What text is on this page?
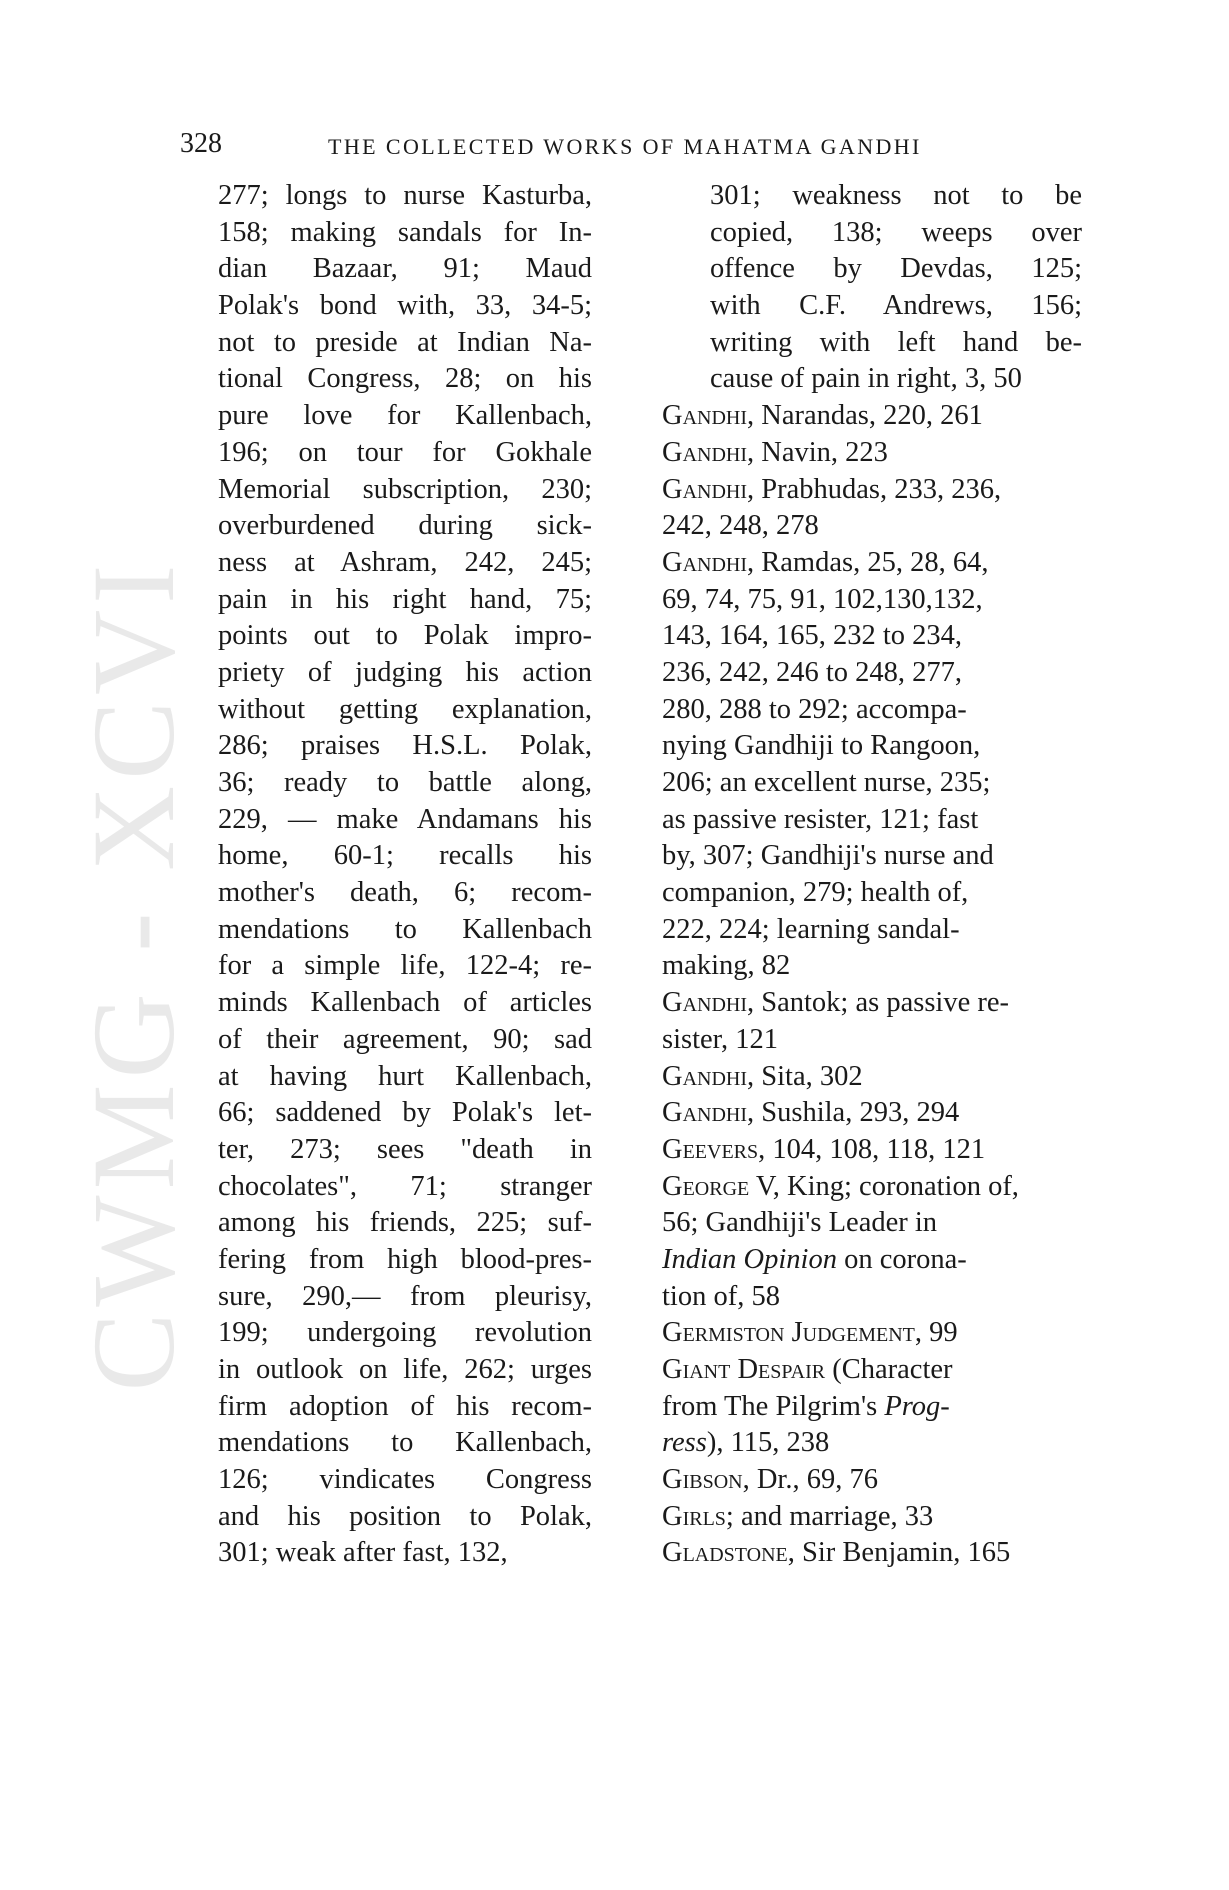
CWMG - XCVI
328	THE COLLECTED WORKS OF MAHATMA GANDHI
277; longs to nurse Kasturba,
158; making sandals for In-
dian Bazaar, 91; Maud
Polak's bond with, 33, 34-5;
not to preside at Indian Na-
tional Congress, 28; on his
pure love for Kallenbach,
196; on tour for Gokhale
Memorial subscription, 230;
overburdened during sick-
ness at Ashram, 242, 245;
pain in his right hand, 75;
points out to Polak impro-
priety of judging his action
without getting explanation,
286; praises H.S.L. Polak,
36; ready to battle along,
229, — make Andamans his
home, 60-1; recalls his
mother's death, 6; recom-
mendations to Kallenbach
for a simple life, 122-4; re-
minds Kallenbach of articles
of their agreement, 90; sad
at having hurt Kallenbach,
66; saddened by Polak's let-
ter, 273; sees "death in
chocolates", 71; stranger
among his friends, 225; suf-
fering from high blood-pres-
sure, 290,— from pleurisy,
199; undergoing revolution
in outlook on life, 262; urges
firm adoption of his recom-
mendations to Kallenbach,
126; vindicates Congress
and his position to Polak,
301; weak after fast, 132,
301; weakness not to be
copied, 138; weeps over
offence by Devdas, 125;
with C.F. Andrews, 156;
writing with left hand be-
cause of pain in right, 3, 50
Gandhi, Narandas, 220, 261
Gandhi, Navin, 223
Gandhi, Prabhudas, 233, 236,
242, 248, 278
Gandhi, Ramdas, 25, 28, 64,
69, 74, 75, 91, 102,130,132,
143, 164, 165, 232 to 234,
236, 242, 246 to 248, 277,
280, 288 to 292; accompa-
nying Gandhiji to Rangoon,
206; an excellent nurse, 235;
as passive resister, 121; fast
by, 307; Gandhiji's nurse and
companion, 279; health of,
222, 224; learning sandal-
making, 82
Gandhi, Santok; as passive re-
sister, 121
Gandhi, Sita, 302
Gandhi, Sushila, 293, 294
Geevers, 104, 108, 118, 121
George V, King; coronation of,
56; Gandhiji's Leader in
Indian Opinion on corona-
tion of, 58
Germiston Judgement, 99
Giant Despair (Character
from The Pilgrim's Prog-
ress), 115, 238
Gibson, Dr., 69, 76
Girls; and marriage, 33
Gladstone, Sir Benjamin, 165
